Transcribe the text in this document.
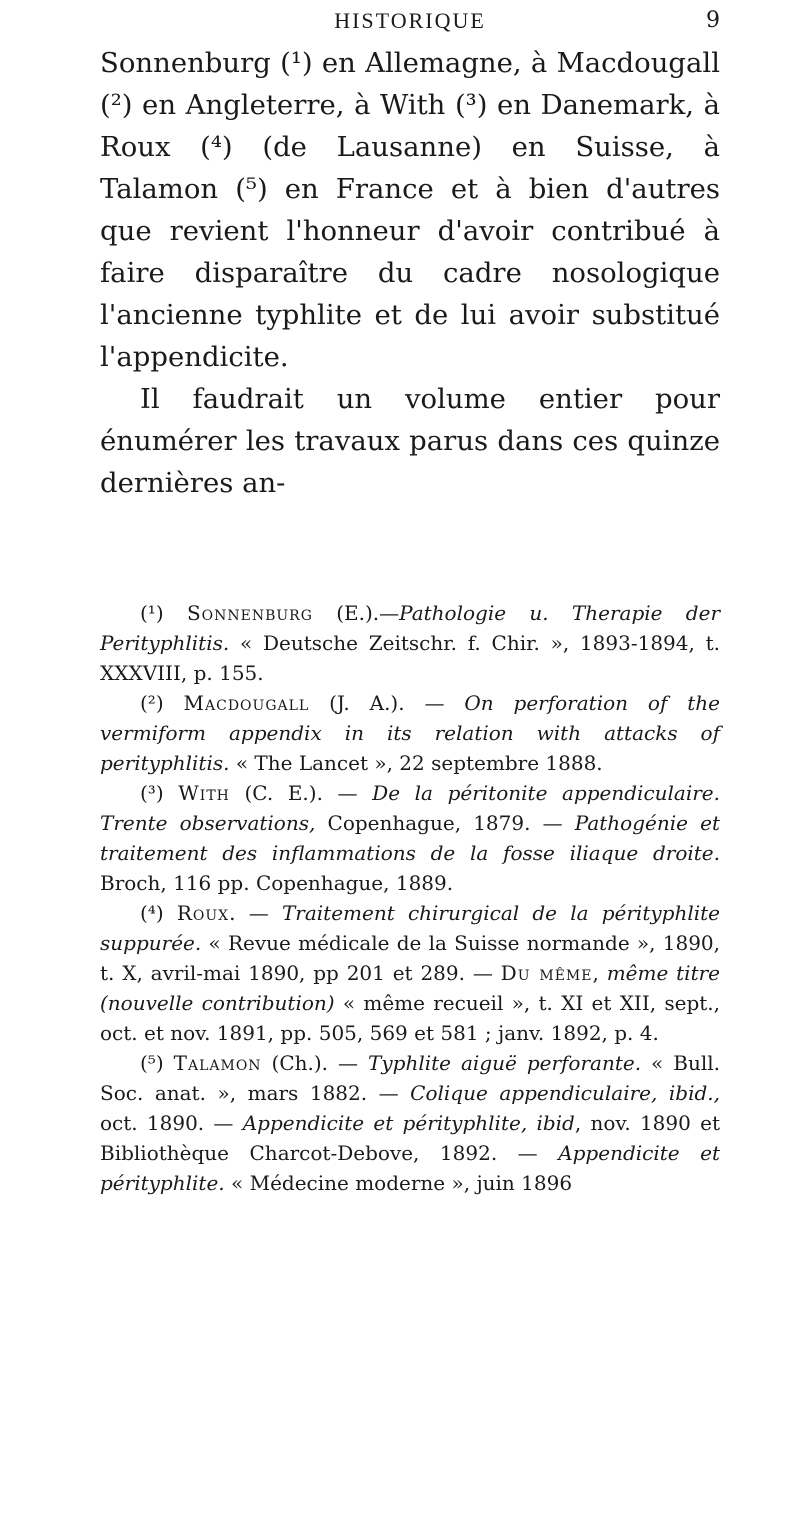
HISTORIQUE	9

Sonnenburg (¹) en Allemagne, à Macdougall (²) en Angleterre, à With (³) en Danemark, à Roux (⁴) (de Lausanne) en Suisse, à Talamon (⁵) en France et à bien d'autres que revient l'honneur d'avoir contribué à faire disparaître du cadre nosologique l'ancienne typhlite et de lui avoir substitué l'appendicite.

Il faudrait un volume entier pour énumérer les travaux parus dans ces quinze dernières an-

(¹) Sonnenburg (E.).—Pathologie u. Therapie der Perityphlitis. « Deutsche Zeitschr. f. Chir. », 1893-1894, t. XXXVIII, p. 155.

(²) Macdougall (J. A.). — On perforation of the vermiform appendix in its relation with attacks of perityphlitis. « The Lancet », 22 septembre 1888.

(³) With (C. E.). — De la péritonite appendiculaire. Trente observations, Copenhague, 1879. — Pathogénie et traitement des inflammations de la fosse iliaque droite. Broch, 116 pp. Copenhague, 1889.

(⁴) Roux. — Traitement chirurgical de la pérityphlite suppurée. « Revue médicale de la Suisse normande », 1890, t. X, avril-mai 1890, pp 201 et 289. — Du même, même titre (nouvelle contribution) « même recueil », t. XI et XII, sept., oct. et nov. 1891, pp. 505, 569 et 581 ; janv. 1892, p. 4.

(⁵) Talamon (Ch.). — Typhlite aiguë perforante. « Bull. Soc. anat. », mars 1882. — Colique appendiculaire, ibid., oct. 1890. — Appendicite et pérityphlite, ibid, nov. 1890 et Bibliothèque Charcot-Debove, 1892. — Appendicite et pérityphlite. « Médecine moderne », juin 1896
